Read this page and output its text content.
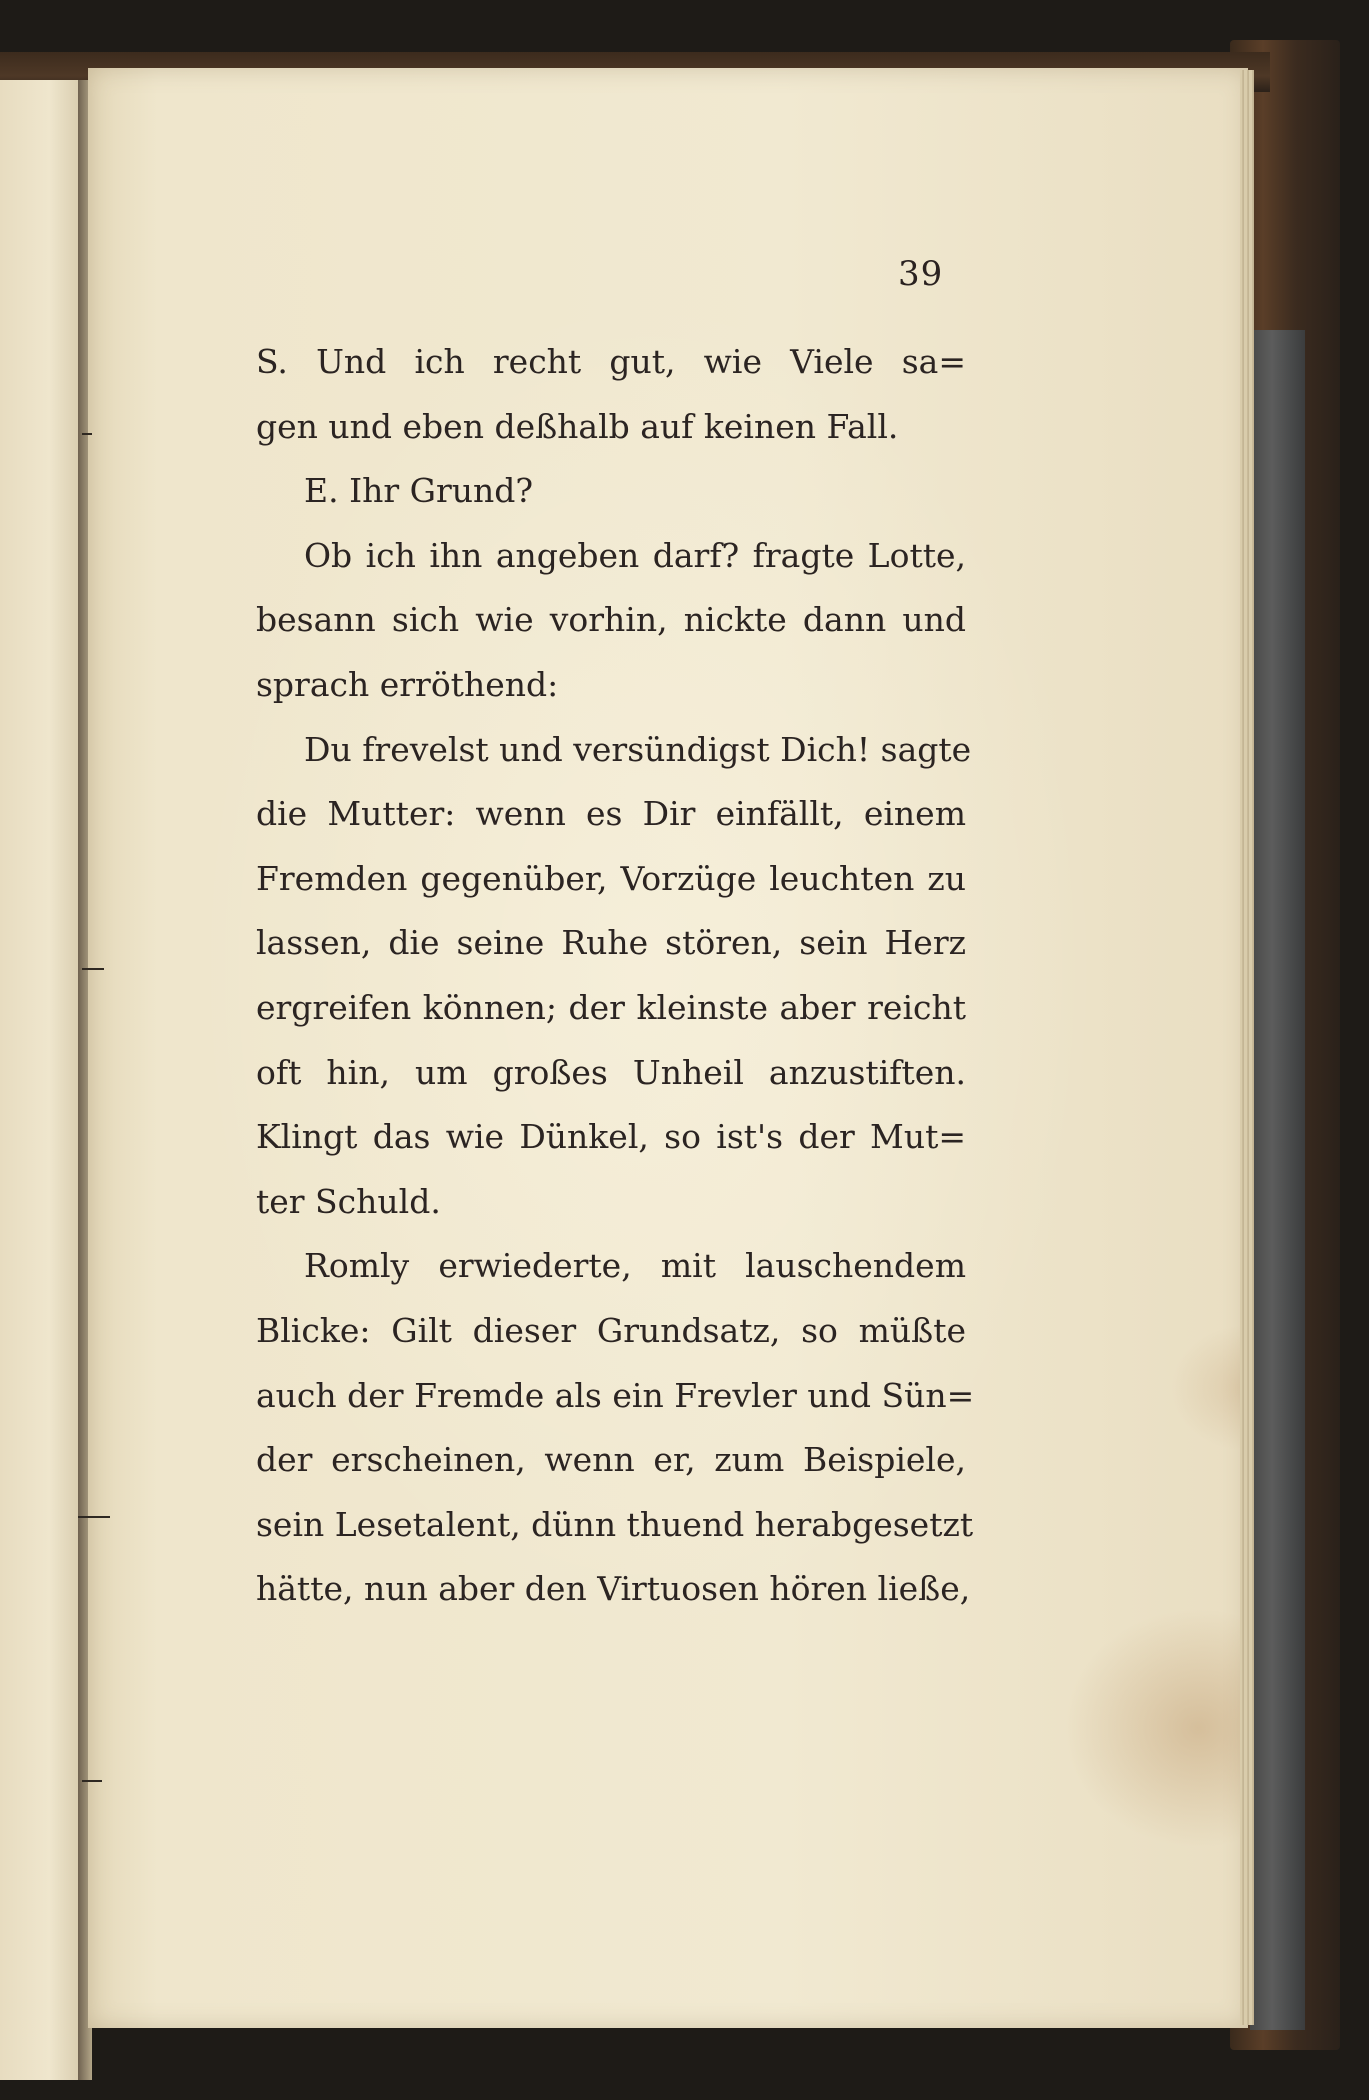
39
S. Und ich recht gut, wie Viele sa=
gen und eben deßhalb auf keinen Fall.
E. Ihr Grund?
Ob ich ihn angeben darf? fragte Lotte,
besann sich wie vorhin, nickte dann und
sprach erröthend:
Du frevelst und versündigst Dich! sagte
die Mutter: wenn es Dir einfällt, einem
Fremden gegenüber, Vorzüge leuchten zu
lassen, die seine Ruhe stören, sein Herz
ergreifen können; der kleinste aber reicht
oft hin, um großes Unheil anzustiften.
Klingt das wie Dünkel, so ist's der Mut=
ter Schuld.
Romly erwiederte, mit lauschendem
Blicke: Gilt dieser Grundsatz, so müßte
auch der Fremde als ein Frevler und Sün=
der erscheinen, wenn er, zum Beispiele,
sein Lesetalent, dünn thuend herabgesetzt
hätte, nun aber den Virtuosen hören ließe,
